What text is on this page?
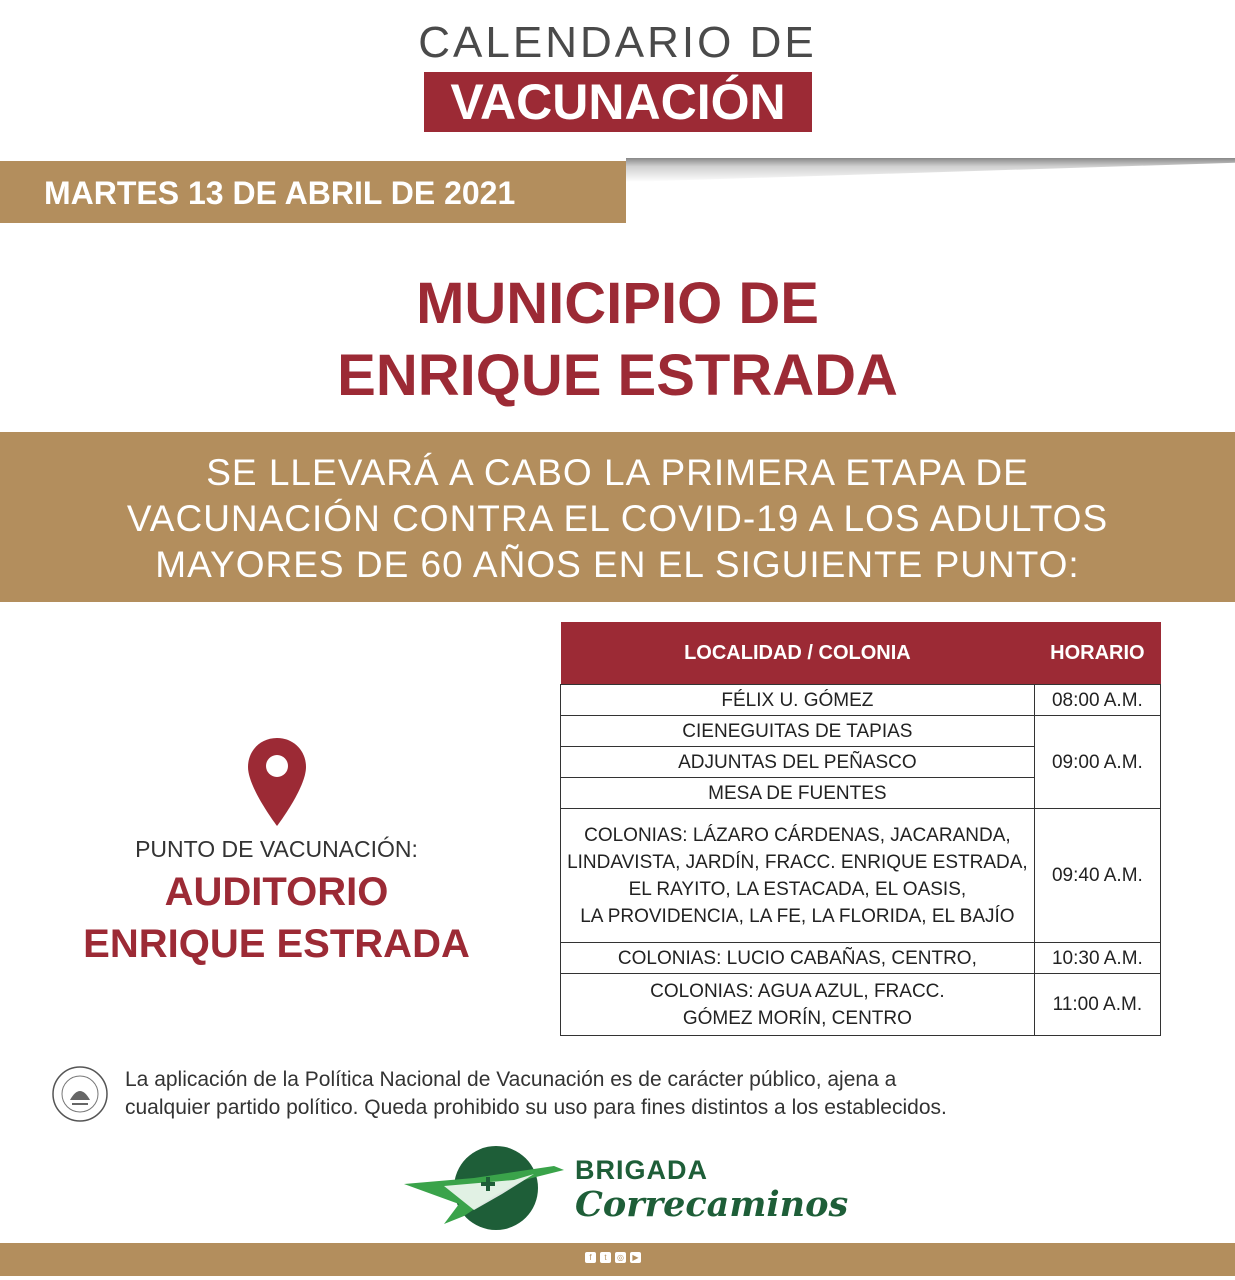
CALENDARIO DE
VACUNACIÓN
MARTES 13 DE ABRIL DE 2021
MUNICIPIO DE
ENRIQUE ESTRADA
SE LLEVARÁ A CABO LA PRIMERA ETAPA DE
VACUNACIÓN CONTRA EL COVID-19 A LOS ADULTOS
MAYORES DE 60 AÑOS EN EL SIGUIENTE PUNTO:
PUNTO DE VACUNACIÓN:
AUDITORIO
ENRIQUE ESTRADA
LOCALIDAD / COLONIA	HORARIO

FÉLIX U. GÓMEZ	08:00 A.M.

CIENEGUITAS DE TAPIAS	09:00 A.M.

ADJUNTAS DEL PEÑASCO	

MESA DE FUENTES	

COLONIAS: LÁZARO CÁRDENAS, JACARANDA,
LINDAVISTA, JARDÍN, FRACC. ENRIQUE ESTRADA,
EL RAYITO, LA ESTACADA, EL OASIS,
LA PROVIDENCIA, LA FE, LA FLORIDA, EL BAJÍO	09:40 A.M.

COLONIAS: LUCIO CABAÑAS, CENTRO,	10:30 A.M.

COLONIAS: AGUA AZUL, FRACC.
GÓMEZ MORÍN, CENTRO	11:00 A.M.
La aplicación de la Política Nacional de Vacunación es de carácter público, ajena a
cualquier partido político. Queda prohibido su uso para fines distintos a los establecidos.
BRIGADA
Correcaminos
f	t	◎	▶
